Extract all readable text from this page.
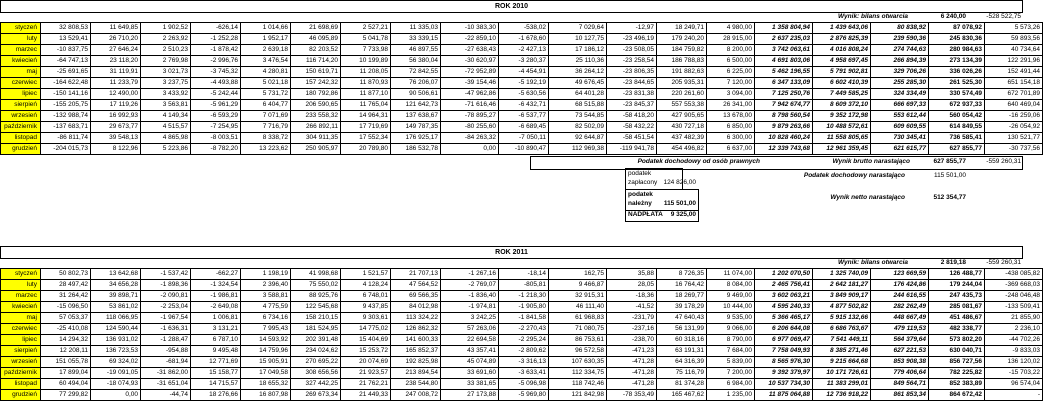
ROK 2010
Wynik: bilans otwarcia	6 240,00	-528 522,75
styczeń	32 808,53	11 649,85	1 902,52	-626,14	1 014,66	21 698,69	2 527,21	11 335,03	-10 383,30	-538,02	7 029,64	-12,97	18 249,71	4 980,00	1 358 804,94	1 439 643,06	80 838,92	87 078,92	5 573,26
luty	13 529,41	26 710,20	2 263,92	-1 252,28	1 952,17	46 095,89	5 041,78	33 339,15	-22 859,10	-1 678,60	10 127,75	-23 496,19	179 240,20	28 915,00	2 637 235,03	2 876 825,39	239 590,36	245 830,36	59 893,56
marzec	-10 837,75	27 646,24	2 510,23	-1 878,42	2 639,18	82 203,52	7 733,98	46 897,55	-27 638,43	-2 427,13	17 186,12	-23 508,05	184 759,82	8 200,00	3 742 063,61	4 016 808,24	274 744,63	280 984,63	40 734,64
kwiecień	-64 747,13	23 118,20	2 769,98	-2 996,76	3 476,54	116 714,20	10 199,89	56 380,04	-30 620,97	-3 280,37	25 110,36	-23 258,54	186 788,83	6 500,00	4 691 803,06	4 958 697,45	266 894,39	273 134,39	122 291,96
maj	-25 691,65	31 119,91	3 021,73	-3 745,32	4 280,81	150 619,71	11 208,05	72 842,55	-72 952,89	-4 454,91	36 264,12	-23 806,35	191 882,63	6 225,00	5 462 196,55	5 791 902,81	329 706,26	336 026,26	152 491,44
czerwiec	-164 622,48	11 233,79	3 237,75	-4 493,88	5 021,18	157 242,32	11 870,93	76 206,07	-39 154,46	-5 192,19	49 676,45	-23 844,65	205 935,31	7 120,00	6 347 133,09	6 602 410,39	255 285,30	261 525,30	651 154,18
lipiec	-150 141,16	12 490,00	3 433,92	-5 242,44	5 731,72	180 792,86	11 877,10	90 506,61	-47 962,86	-5 630,56	64 401,28	-23 831,38	220 261,60	3 094,00	7 125 250,76	7 449 585,25	324 334,49	330 574,49	672 701,89
sierpień	-155 205,75	17 119,26	3 563,81	-5 961,29	6 404,77	206 590,65	11 765,04	121 642,73	-71 616,46	-6 432,71	68 515,88	-23 845,37	557 553,38	26 341,00	7 942 674,77	8 609 372,10	666 697,33	672 937,33	640 469,04
wrzesień	-132 988,74	16 992,93	4 149,34	-6 593,29	7 071,69	233 558,32	14 964,31	137 638,67	-78 895,27	-6 537,77	73 544,85	-58 418,20	427 905,65	13 678,00	8 798 560,54	9 352 172,98	553 612,44	560 054,42	-16 259,06
październik	-137 683,71	29 673,77	4 515,57	-7 254,95	7 716,79	266 892,11	17 719,69	149 787,35	-80 255,60	-6 689,45	82 502,09	-58 432,22	430 727,18	6 850,00	9 879 263,66	10 488 572,61	609 609,55	614 849,55	-26 054,92
listopad	-86 811,74	39 548,13	4 865,98	-8 003,51	8 338,72	304 911,35	17 552,34	176 925,17	-84 263,32	-7 050,11	92 644,87	-58 451,54	437 482,39	6 300,00	10 828 460,24	11 558 805,65	730 345,41	736 585,41	130 521,77
grudzień	-204 015,73	8 122,96	5 223,86	-8 782,20	13 223,62	250 905,97	20 789,80	186 532,78	0,00	-10 890,47	112 969,38	-119 941,78	454 496,82	6 637,00	12 339 743,68	12 961 359,45	621 615,77	627 855,77	-30 737,56
Podatek dochodowy od osób prawnych	Wynik brutto narastająco	627 855,77	-559 260,31
podatek
zapłacony 124 826,00
Podatek dochodowy narastająco	115 501,00
podatek
należny	115 501,00
Wynik netto narastająco	512 354,77
NADPŁATA	9 325,00
ROK 2011
Wynik: bilans otwarcia	2 819,18	-559 260,31
styczeń	50 802,73	13 642,68	-1 537,42	-662,27	1 198,19	41 998,68	1 521,57	21 707,13	-1 267,16	-18,14	162,75	35,88	8 726,35	11 074,00	1 202 070,50	1 325 740,09	123 669,59	126 488,77	-438 085,82
luty	28 497,42	34 656,28	-1 898,36	-1 324,54	2 396,40	75 550,02	4 128,24	47 564,52	-2 769,07	-805,81	9 466,87	28,05	16 764,42	8 084,00	2 465 756,41	2 642 181,27	176 424,86	179 244,04	-369 668,03
marzec	31 264,42	39 898,71	-2 090,81	-1 986,81	3 588,81	88 925,76	6 748,01	69 566,35	-1 836,40	-1 218,30	32 915,31	-18,36	18 269,77	9 469,00	3 602 063,21	3 849 909,17	244 616,55	247 435,73	-248 046,48
kwiecień	-15 096,50	53 861,02	-2 253,04	-2 649,08	4 775,59	122 545,68	9 437,85	84 012,98	-1 974,81	-1 905,80	46 111,40	-41,52	39 178,29	10 444,00	4 595 240,33	4 877 502,82	282 262,49	285 081,67	-133 509,41
maj	57 053,37	118 066,95	-1 967,54	1 006,81	6 734,16	158 210,15	9 303,61	113 324,22	3 242,25	-1 841,58	61 968,83	-231,79	47 640,43	9 535,00	5 366 465,17	5 915 132,66	448 667,49	451 486,67	21 855,90
czerwiec	-25 410,08	124 590,44	-1 636,31	3 131,21	7 995,43	181 524,95	14 775,02	126 862,32	57 263,06	-2 270,43	71 080,75	-237,16	56 131,99	9 066,00	6 206 644,08	6 686 763,67	479 119,53	482 338,77	2 236,10
lipiec	14 294,32	136 931,02	-1 288,47	6 787,10	14 593,92	202 391,48	15 404,69	141 600,33	22 694,58	-2 295,24	86 753,61	-238,70	60 318,16	8 790,00	6 977 069,47	7 541 449,11	564 379,64	573 802,20	-44 702,26
sierpień	12 208,11	136 723,53	-954,88	9 495,48	14 759,96	234 024,62	15 253,72	165 852,37	43 357,41	-2 809,62	96 572,58	-471,23	63 191,31	7 684,00	7 758 049,93	8 385 271,46	627 221,53	630 040,71	-9 833,03
wrzesień	151 055,78	69 324,02	-681,94	12 771,69	15 905,91	270 695,22	20 074,69	192 825,98	45 074,89	-3 316,13	107 630,35	-471,28	64 316,39	5 839,00	8 565 976,30	9 215 664,68	853 908,38	856 727,56	136 120,02
październik	17 899,04	-19 091,05	-31 862,00	15 158,77	17 049,58	308 656,56	21 923,57	213 894,54	33 691,60	-3 633,41	112 334,75	-471,28	75 116,79	7 200,00	9 392 379,97	10 171 726,61	779 406,64	782 225,82	-15 703,22
listopad	60 494,04	-18 074,93	-31 651,04	14 715,57	18 655,32	327 442,25	21 762,21	238 544,80	33 381,65	-5 096,98	118 742,46	-471,28	81 374,28	6 984,00	10 537 734,30	11 383 299,01	849 564,71	852 383,89	96 574,04
grudzień	77 299,82	0,00	-44,74	18 276,66	16 807,98	269 673,34	21 449,33	247 008,72	27 173,88	-5 969,80	121 842,98	-78 353,49	165 467,62	1 235,00	11 875 064,88	12 736 918,22	861 853,34	864 672,42	-
